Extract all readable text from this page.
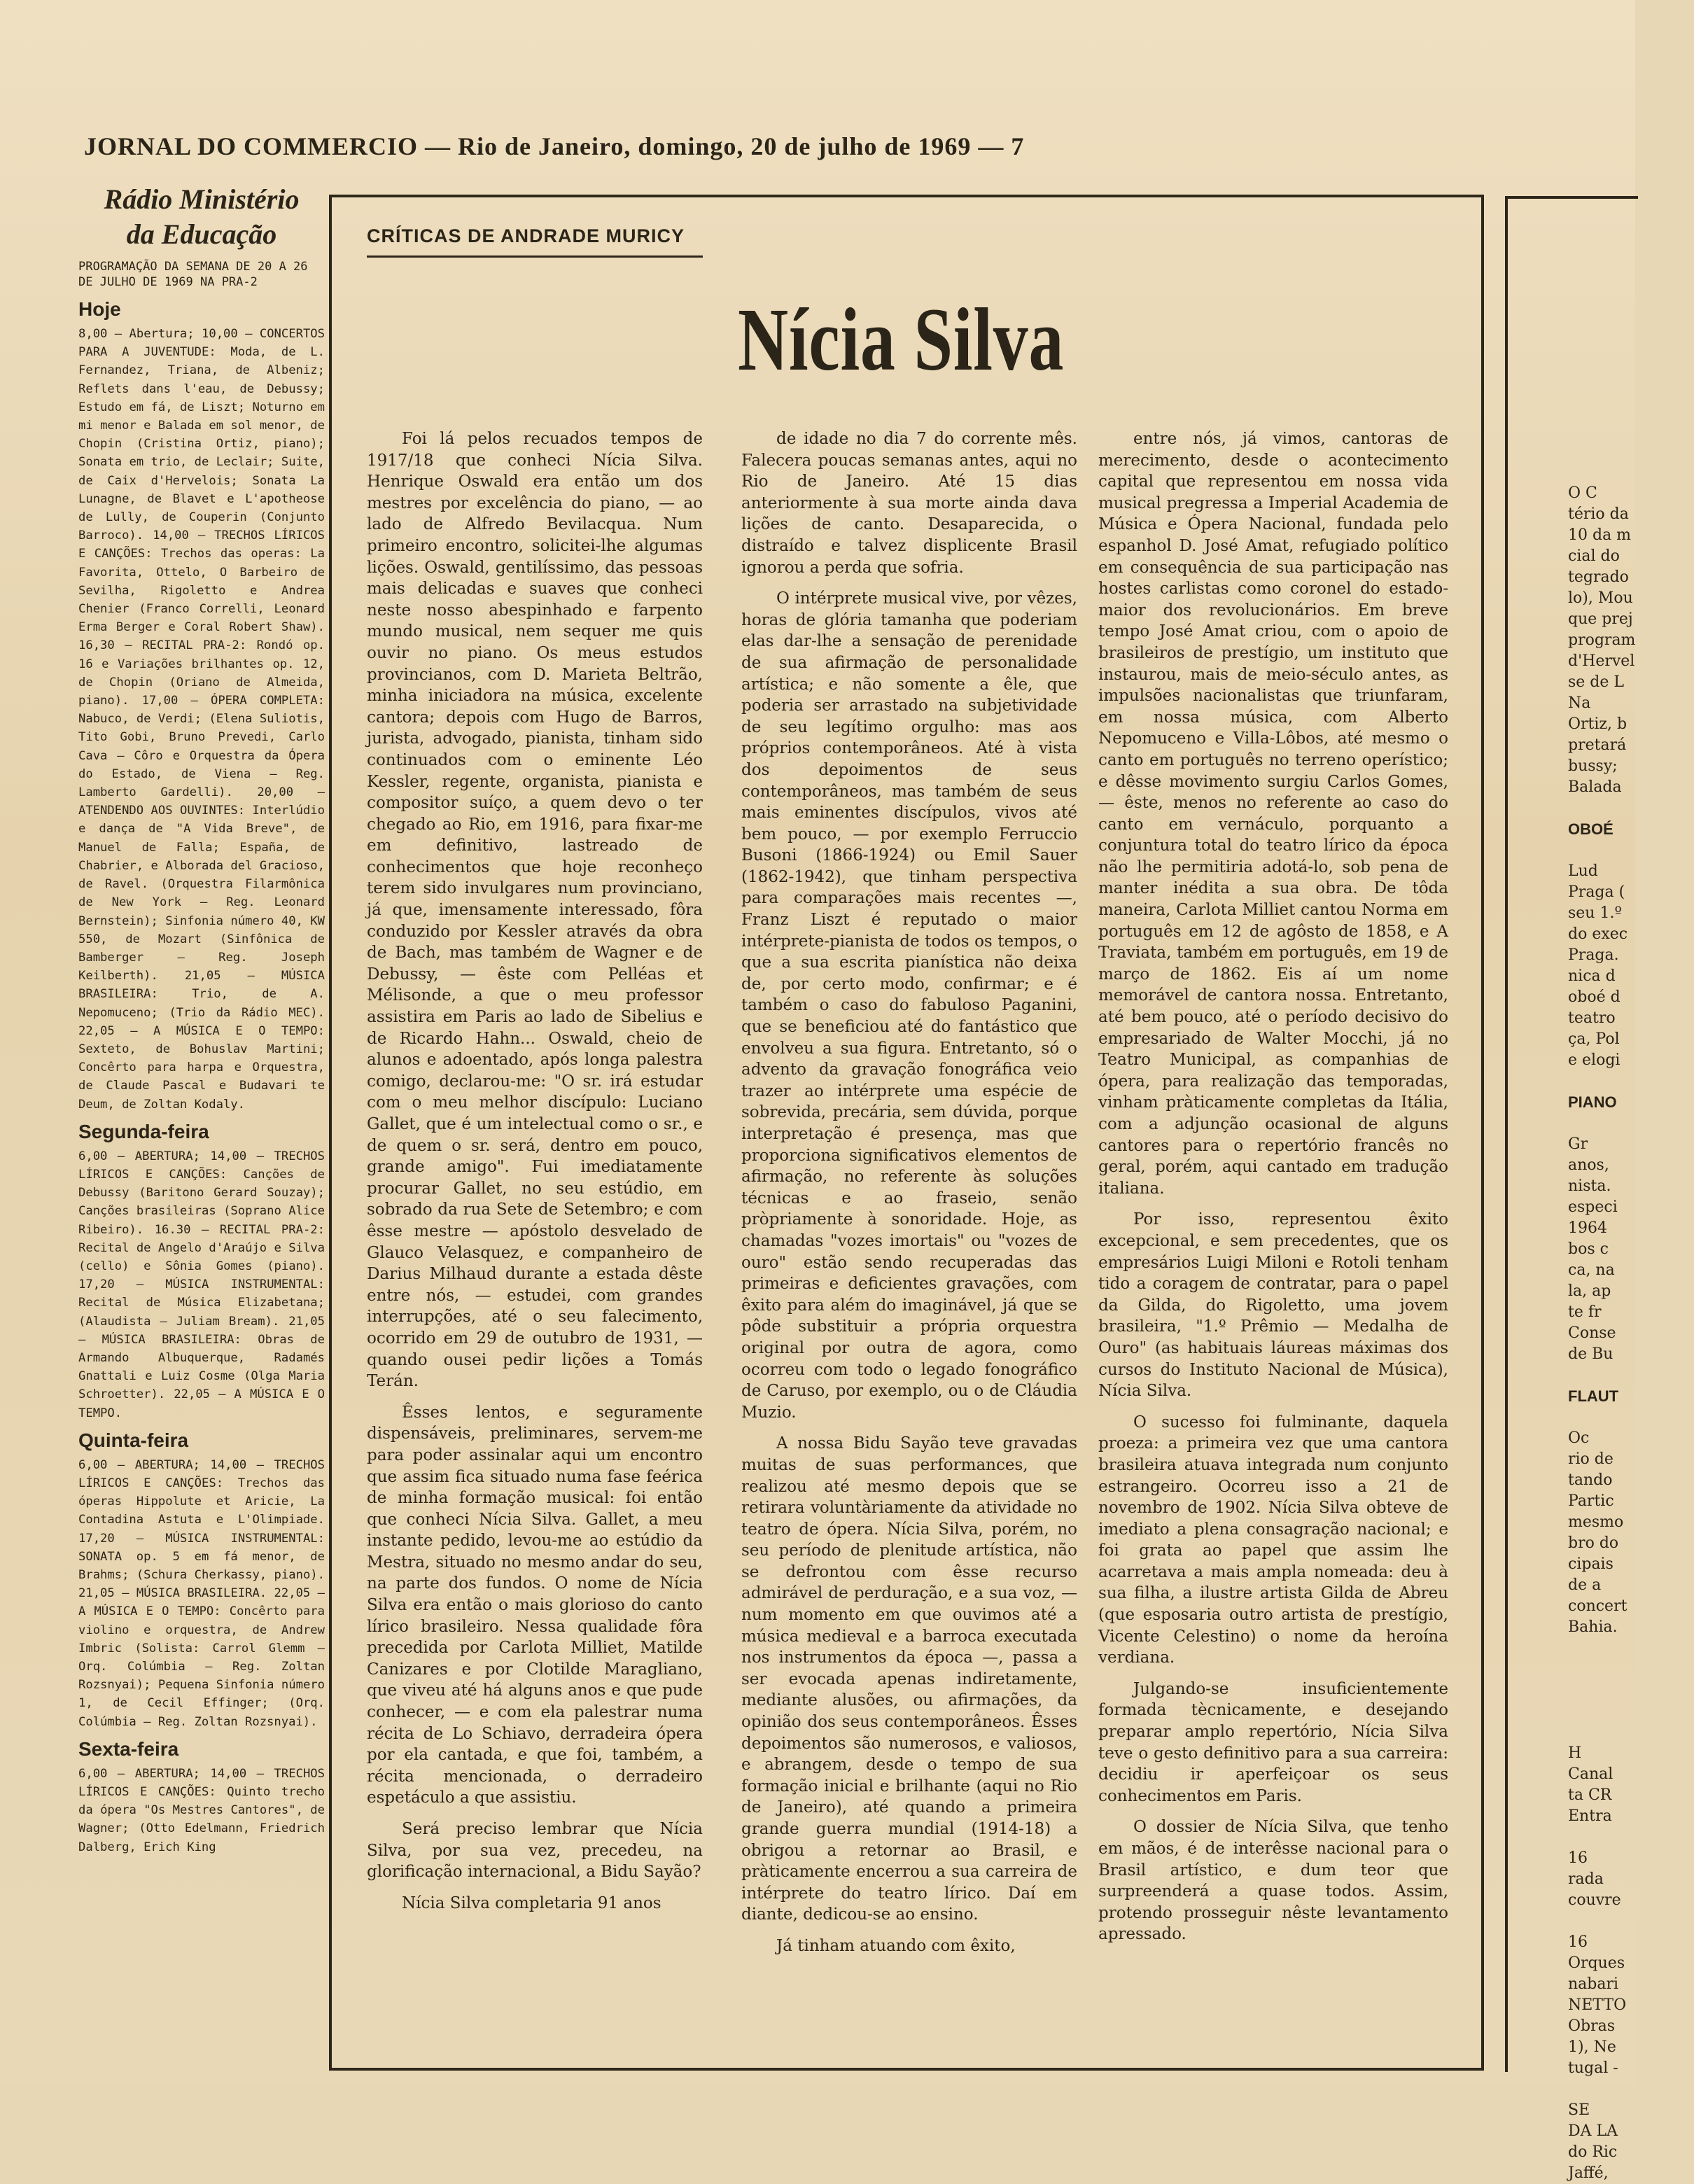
JORNAL DO COMMERCIO — Rio de Janeiro, domingo, 20 de julho de 1969 — 7
Rádio Ministério
da Educação

PROGRAMAÇÃO DA SEMANA DE 20 A 26 DE JULHO DE 1969 NA PRA-2

Hoje

8,00 — Abertura; 10,00 — CONCERTOS PARA A JUVENTUDE: Moda, de L. Fernandez, Triana, de Albeniz; Reflets dans l'eau, de Debussy; Estudo em fá, de Liszt; Noturno em mi menor e Balada em sol menor, de Chopin (Cristina Ortiz, piano); Sonata em trio, de Leclair; Suite, de Caix d'Hervelois; Sonata La Lunagne, de Blavet e L'apotheose de Lully, de Couperin (Conjunto Barroco). 14,00 — TRECHOS LÍRICOS E CANÇÕES: Trechos das operas: La Favorita, Ottelo, O Barbeiro de Sevilha, Rigoletto e Andrea Chenier (Franco Correlli, Leonard Erma Berger e Coral Robert Shaw). 16,30 — RECITAL PRA-2: Rondó op. 16 e Variações brilhantes op. 12, de Chopin (Oriano de Almeida, piano). 17,00 — ÓPERA COMPLETA: Nabuco, de Verdi; (Elena Suliotis, Tito Gobi, Bruno Prevedi, Carlo Cava — Côro e Orquestra da Ópera do Estado, de Viena — Reg. Lamberto Gardelli). 20,00 — ATENDENDO AOS OUVINTES: Interlúdio e dança de "A Vida Breve", de Manuel de Falla; España, de Chabrier, e Alborada del Gracioso, de Ravel. (Orquestra Filarmônica de New York — Reg. Leonard Bernstein); Sinfonia número 40, KW 550, de Mozart (Sinfônica de Bamberger — Reg. Joseph Keilberth). 21,05 — MÚSICA BRASILEIRA: Trio, de A. Nepomuceno; (Trio da Rádio MEC). 22,05 — A MÚSICA E O TEMPO: Sexteto, de Bohuslav Martini; Concêrto para harpa e Orquestra, de Claude Pascal e Budavari te Deum, de Zoltan Kodaly.

Segunda-feira

6,00 — ABERTURA; 14,00 — TRECHOS LÍRICOS E CANÇÕES: Canções de Debussy (Baritono Gerard Souzay); Canções brasileiras (Soprano Alice Ribeiro). 16.30 — RECITAL PRA-2: Recital de Angelo d'Araújo e Silva (cello) e Sônia Gomes (piano). 17,20 — MÚSICA INSTRUMENTAL: Recital de Música Elizabetana; (Alaudista — Juliam Bream). 21,05 — MÚSICA BRASILEIRA: Obras de Armando Albuquerque, Radamés Gnattali e Luiz Cosme (Olga Maria Schroetter). 22,05 — A MÚSICA E O TEMPO.

Quinta-feira

6,00 — ABERTURA; 14,00 — TRECHOS LÍRICOS E CANÇÕES: Trechos das óperas Hippolute et Aricie, La Contadina Astuta e L'Olimpiade. 17,20 — MÚSICA INSTRUMENTAL: SONATA op. 5 em fá menor, de Brahms; (Schura Cherkassy, piano). 21,05 — MÚSICA BRASILEIRA. 22,05 — A MÚSICA E O TEMPO: Concêrto para violino e orquestra, de Andrew Imbric (Solista: Carrol Glemm — Orq. Colúmbia — Reg. Zoltan Rozsnyai); Pequena Sinfonia número 1, de Cecil Effinger; (Orq. Colúmbia — Reg. Zoltan Rozsnyai).

Sexta-feira

6,00 — ABERTURA; 14,00 — TRECHOS LÍRICOS E CANÇÕES: Quinto trecho da ópera "Os Mestres Cantores", de Wagner; (Otto Edelmann, Friedrich Dalberg, Erich King

CRÍTICAS DE ANDRADE MURICY
Nícia Silva

Foi lá pelos recuados tempos de 1917/18 que conheci Nícia Silva. Henrique Oswald era então um dos mestres por excelência do piano, — ao lado de Alfredo Bevilacqua. Num primeiro encontro, solicitei-lhe algumas lições. Oswald, gentilíssimo, das pessoas mais delicadas e suaves que conheci neste nosso abespinhado e farpento mundo musical, nem sequer me quis ouvir no piano. Os meus estudos provincianos, com D. Marieta Beltrão, minha iniciadora na música, excelente cantora; depois com Hugo de Barros, jurista, advogado, pianista, tinham sido continuados com o eminente Léo Kessler, regente, organista, pianista e compositor suíço, a quem devo o ter chegado ao Rio, em 1916, para fixar-me em definitivo, lastreado de conhecimentos que hoje reconheço terem sido invulgares num provinciano, já que, imensamente interessado, fôra conduzido por Kessler através da obra de Bach, mas também de Wagner e de Debussy, — êste com Pelléas et Mélisonde, a que o meu professor assistira em Paris ao lado de Sibelius e de Ricardo Hahn... Oswald, cheio de alunos e adoentado, após longa palestra comigo, declarou-me: "O sr. irá estudar com o meu melhor discípulo: Luciano Gallet, que é um intelectual como o sr., e de quem o sr. será, dentro em pouco, grande amigo". Fui imediatamente procurar Gallet, no seu estúdio, em sobrado da rua Sete de Setembro; e com êsse mestre — apóstolo desvelado de Glauco Velasquez, e companheiro de Darius Milhaud durante a estada dêste entre nós, — estudei, com grandes interrupções, até o seu falecimento, ocorrido em 29 de outubro de 1931, — quando ousei pedir lições a Tomás Terán.

Êsses lentos, e seguramente dispensáveis, preliminares, servem-me para poder assinalar aqui um encontro que assim fica situado numa fase feérica de minha formação musical: foi então que conheci Nícia Silva. Gallet, a meu instante pedido, levou-me ao estúdio da Mestra, situado no mesmo andar do seu, na parte dos fundos. O nome de Nícia Silva era então o mais glorioso do canto lírico brasileiro. Nessa qualidade fôra precedida por Carlota Milliet, Matilde Canizares e por Clotilde Maragliano, que viveu até há alguns anos e que pude conhecer, — e com ela palestrar numa récita de Lo Schiavo, derradeira ópera por ela cantada, e que foi, também, a récita mencionada, o derradeiro espetáculo a que assistiu.

Será preciso lembrar que Nícia Silva, por sua vez, precedeu, na glorificação internacional, a Bidu Sayão?

Nícia Silva completaria 91 anos

de idade no dia 7 do corrente mês. Falecera poucas semanas antes, aqui no Rio de Janeiro. Até 15 dias anteriormente à sua morte ainda dava lições de canto. Desaparecida, o distraído e talvez displicente Brasil ignorou a perda que sofria.

O intérprete musical vive, por vêzes, horas de glória tamanha que poderiam elas dar-lhe a sensação de perenidade de sua afirmação de personalidade artística; e não somente a êle, que poderia ser arrastado na subjetividade de seu legítimo orgulho: mas aos próprios contemporâneos. Até à vista dos depoimentos de seus contemporâneos, mas também de seus mais eminentes discípulos, vivos até bem pouco, — por exemplo Ferruccio Busoni (1866-1924) ou Emil Sauer (1862-1942), que tinham perspectiva para comparações mais recentes —, Franz Liszt é reputado o maior intérprete-pianista de todos os tempos, o que a sua escrita pianística não deixa de, por certo modo, confirmar; e é também o caso do fabuloso Paganini, que se beneficiou até do fantástico que envolveu a sua figura. Entretanto, só o advento da gravação fonográfica veio trazer ao intérprete uma espécie de sobrevida, precária, sem dúvida, porque interpretação é presença, mas que proporciona significativos elementos de afirmação, no referente às soluções técnicas e ao fraseio, senão pròpriamente à sonoridade. Hoje, as chamadas "vozes imortais" ou "vozes de ouro" estão sendo recuperadas das primeiras e deficientes gravações, com êxito para além do imaginável, já que se pôde substituir a própria orquestra original por outra de agora, como ocorreu com todo o legado fonográfico de Caruso, por exemplo, ou o de Cláudia Muzio.

A nossa Bidu Sayão teve gravadas muitas de suas performances, que realizou até mesmo depois que se retirara voluntàriamente da atividade no teatro de ópera. Nícia Silva, porém, no seu período de plenitude artística, não se defrontou com êsse recurso admirável de perduração, e a sua voz, — num momento em que ouvimos até a música medieval e a barroca executada nos instrumentos da época —, passa a ser evocada apenas indiretamente, mediante alusões, ou afirmações, da opinião dos seus contemporâneos. Êsses depoimentos são numerosos, e valiosos, e abrangem, desde o tempo de sua formação inicial e brilhante (aqui no Rio de Janeiro), até quando a primeira grande guerra mundial (1914-18) a obrigou a retornar ao Brasil, e pràticamente encerrou a sua carreira de intérprete do teatro lírico. Daí em diante, dedicou-se ao ensino.

Já tinham atuando com êxito,

entre nós, já vimos, cantoras de merecimento, desde o acontecimento capital que representou em nossa vida musical pregressa a Imperial Academia de Música e Ópera Nacional, fundada pelo espanhol D. José Amat, refugiado político em consequência de sua participação nas hostes carlistas como coronel do estado-maior dos revolucionários. Em breve tempo José Amat criou, com o apoio de brasileiros de prestígio, um instituto que instaurou, mais de meio-século antes, as impulsões nacionalistas que triunfaram, em nossa música, com Alberto Nepomuceno e Villa-Lôbos, até mesmo o canto em português no terreno operístico; e dêsse movimento surgiu Carlos Gomes, — êste, menos no referente ao caso do canto em vernáculo, porquanto a conjuntura total do teatro lírico da época não lhe permitiria adotá-lo, sob pena de manter inédita a sua obra. De tôda maneira, Carlota Milliet cantou Norma em português em 12 de agôsto de 1858, e A Traviata, também em português, em 19 de março de 1862. Eis aí um nome memorável de cantora nossa. Entretanto, até bem pouco, até o período decisivo do empresariado de Walter Mocchi, já no Teatro Municipal, as companhias de ópera, para realização das temporadas, vinham pràticamente completas da Itália, com a adjunção ocasional de alguns cantores para o repertório francês no geral, porém, aqui cantado em tradução italiana.

Por isso, representou êxito excepcional, e sem precedentes, que os empresários Luigi Miloni e Rotoli tenham tido a coragem de contratar, para o papel da Gilda, do Rigoletto, uma jovem brasileira, "1.º Prêmio — Medalha de Ouro" (as habituais láureas máximas dos cursos do Instituto Nacional de Música), Nícia Silva.

O sucesso foi fulminante, daquela proeza: a primeira vez que uma cantora brasileira atuava integrada num conjunto estrangeiro. Ocorreu isso a 21 de novembro de 1902. Nícia Silva obteve de imediato a plena consagração nacional; e foi grata ao papel que assim lhe acarretava a mais ampla nomeada: deu à sua filha, a ilustre artista Gilda de Abreu (que esposaria outro artista de prestígio, Vicente Celestino) o nome da heroína verdiana.

Julgando-se insuficientemente formada tècnicamente, e desejando preparar amplo repertório, Nícia Silva teve o gesto definitivo para a sua carreira: decidiu ir aperfeiçoar os seus conhecimentos em Paris.

O dossier de Nícia Silva, que tenho em mãos, é de interêsse nacional para o Brasil artístico, e dum teor que surpreenderá a quase todos. Assim, protendo prosseguir nêste levantamento apressado.

O C
tério da
10 da m
cial do
tegrado
lo), Mou
que prej
program
d'Hervel
se de L
Na
Ortiz, b
pretará
bussy;
Balada
OBOÉ
Lud
Praga (
seu 1.º
do exec
Praga.
nica d
oboé d
teatro
ça, Pol
e elogi
PIANO
Gr
anos,
nista.
especi
1964
bos c
ca, na
la, ap
te fr
Conse
de Bu
FLAUT
Oc
rio de
tando
Partic
mesmo
bro do
cipais
de a
concert
Bahia.
H
Canal
ta CR
Entra
16
rada
couvre
16
Orques
nabari
NETTO
Obras
1), Ne
tugal -
SE
DA LA
do Ric
Jaffé,
